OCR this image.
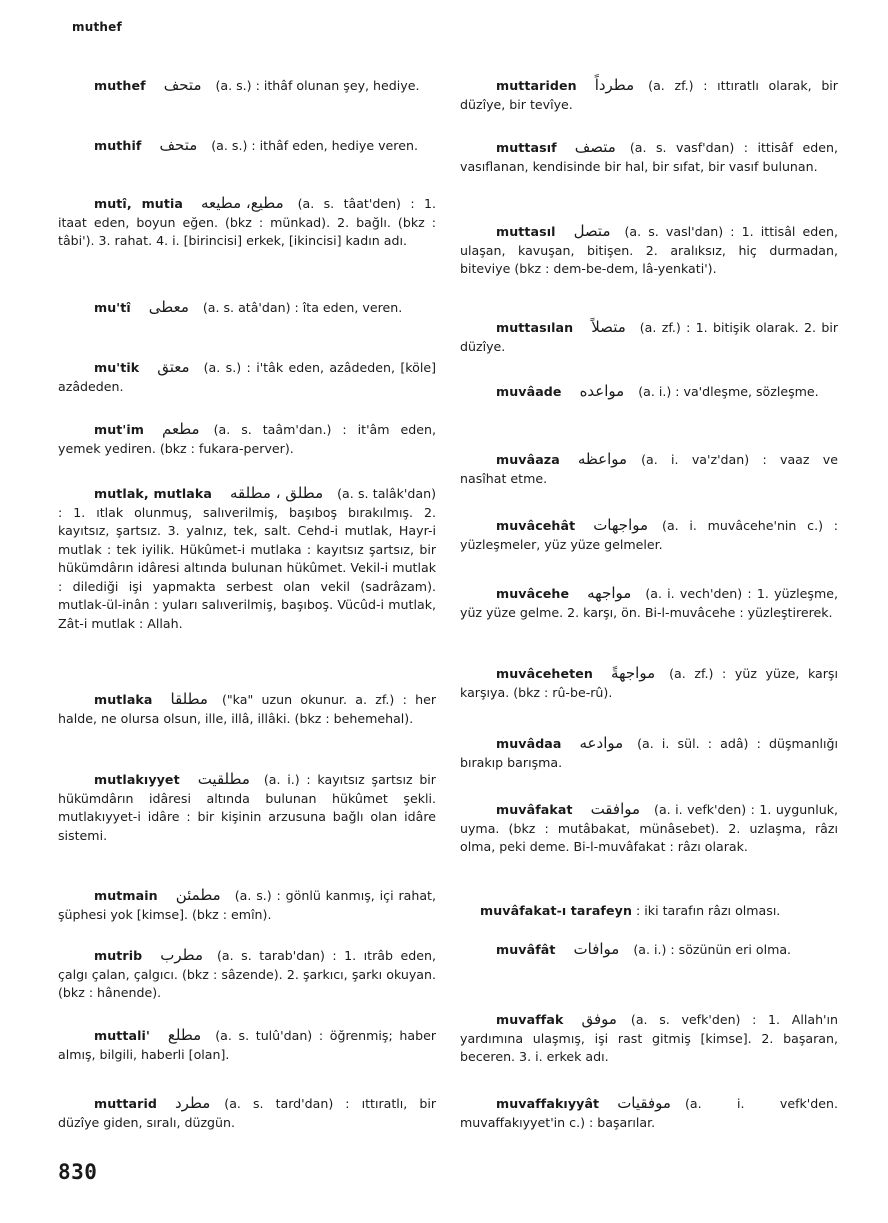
muthef
muthef متحف (a. s.) : ithâf olunan şey, hediye.
muthif متحف (a. s.) : ithâf eden, hediye veren.
mutî, mutia مطيع، مطيعه (a. s. tâat'den) : 1. itaat eden, boyun eğen. (bkz : münkad). 2. bağlı. (bkz : tâbi'). 3. rahat. 4. i. [birincisi] erkek, [ikincisi] kadın adı.
mu'tî معطى (a. s. atâ'dan) : îta eden, veren.
mu'tik معتق (a. s.) : i'tâk eden, azâdeden, [köle] azâdeden.
mut'im مطعم (a. s. taâm'dan.) : it'âm eden, yemek yediren. (bkz : fukara-perver).
mutlak, mutlaka مطلق ، مطلقه (a. s. talâk'dan) : 1. ıtlak olunmuş, salıverilmiş, başıboş bırakılmış. 2. kayıtsız, şartsız. 3. yalnız, tek, salt. Cehd-i mutlak, Hayr-i mutlak : tek iyilik. Hükûmet-i mutlaka : kayıtsız şartsız, bir hükümdârın idâresi altında bulunan hükûmet. Vekil-i mutlak : dilediği işi yapmakta serbest olan vekil (sadrâzam). mutlak-ül-inân : yuları salıverilmiş, başıboş. Vücûd-i mutlak, Zât-i mutlak : Allah.
mutlaka مطلقا ("ka" uzun okunur. a. zf.) : her halde, ne olursa olsun, ille, illâ, illâki. (bkz : behemehal).
mutlakıyyet مطلقيت (a. i.) : kayıtsız şartsız bir hükümdârın idâresi altında bulunan hükûmet şekli. mutlakıyyet-i idâre : bir kişinin arzusuna bağlı olan idâre sistemi.
mutmain مطمئن (a. s.) : gönlü kanmış, içi rahat, şüphesi yok [kimse]. (bkz : emîn).
mutrib مطرب (a. s. tarab'dan) : 1. ıtrâb eden, çalgı çalan, çalgıcı. (bkz : sâzende). 2. şarkıcı, şarkı okuyan. (bkz : hânende).
muttali' مطلع (a. s. tulû'dan) : öğrenmiş; haber almış, bilgili, haberli [olan].
muttarid مطرد (a. s. tard'dan) : ıttıratlı, bir düzîye giden, sıralı, düzgün.
muttariden مطرداً (a. zf.) : ıttıratlı olarak, bir düzîye, bir tevîye.
muttasıf متصف (a. s. vasf'dan) : ittisâf eden, vasıflanan, kendisinde bir hal, bir sıfat, bir vasıf bulunan.
muttasıl متصل (a. s. vasl'dan) : 1. ittisâl eden, ulaşan, kavuşan, bitişen. 2. aralıksız, hiç durmadan, biteviye (bkz : dem-be-dem, lâ-yenkati').
muttasılan متصلاً (a. zf.) : 1. bitişik olarak. 2. bir düzîye.
muvâade مواعده (a. i.) : va'dleşme, sözleşme.
muvâaza مواعظه (a. i. va'z'dan) : vaaz ve nasîhat etme.
muvâcehât مواجهات (a. i. muvâcehe'nin c.) : yüzleşmeler, yüz yüze gelmeler.
muvâcehe مواجهه (a. i. vech'den) : 1. yüzleşme, yüz yüze gelme. 2. karşı, ön. Bi-l-muvâcehe : yüzleştirerek.
muvâceheten مواجهةً (a. zf.) : yüz yüze, karşı karşıya. (bkz : rû-be-rû).
muvâdaa موادعه (a. i. sül. : adâ) : düşmanlığı bırakıp barışma.
muvâfakat موافقت (a. i. vefk'den) : 1. uygunluk, uyma. (bkz : mutâbakat, münâsebet). 2. uzlaşma, râzı olma, peki deme. Bi-l-muvâfakat : râzı olarak.
muvâfakat-ı tarafeyn : iki tarafın râzı olması.
muvâfât موافات (a. i.) : sözünün eri olma.
muvaffak موفق (a. s. vefk'den) : 1. Allah'ın yardımına ulaşmış, işi rast gitmiş [kimse]. 2. başaran, beceren. 3. i. erkek adı.
muvaffakıyyât موفقيات (a. i. vefk'den. muvaffakıyyet'in c.) : başarılar.
830
